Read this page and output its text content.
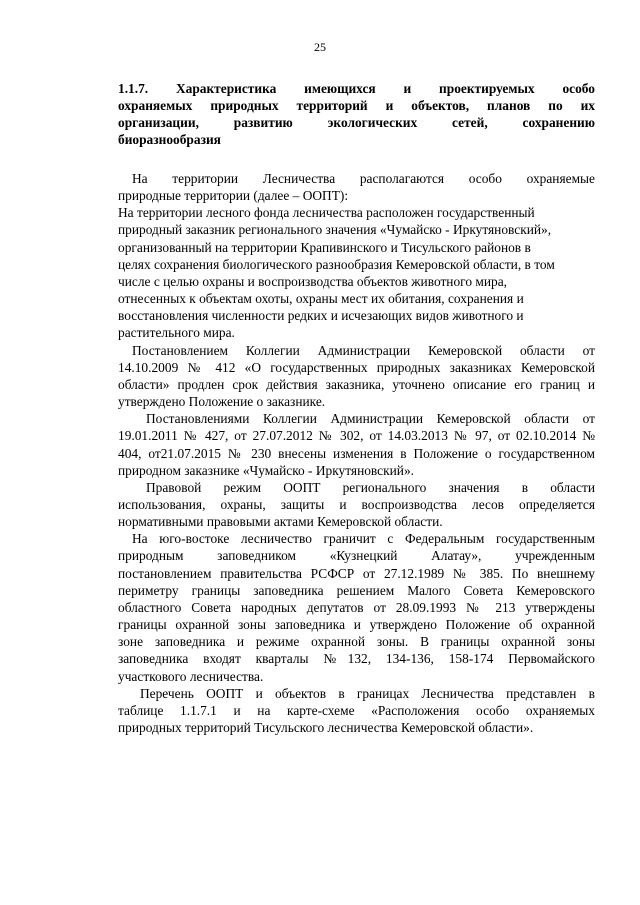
25
1.1.7. Характеристика имеющихся и проектируемых особо
охраняемых природных территорий и объектов, планов по их
организации, развитию экологических сетей, сохранению
биоразнообразия
На территории Лесничества располагаются особо охраняемые
природные территории (далее – ООПТ):
На территории лесного фонда лесничества расположен государственный
природный заказник регионального значения «Чумайско - Иркутяновский»,
организованный на территории Крапивинского и Тисульского районов в
целях сохранения биологического разнообразия Кемеровской области, в том
числе с целью охраны и воспроизводства объектов животного мира,
отнесенных к объектам охоты, охраны мест их обитания, сохранения и
восстановления численности редких и исчезающих видов животного и
растительного мира.
Постановлением Коллегии Администрации Кемеровской области от
14.10.2009 № 412 «О государственных природных заказниках Кемеровской
области» продлен срок действия заказника, уточнено описание его границ и
утверждено Положение о заказнике.
Постановлениями Коллегии Администрации Кемеровской области от
19.01.2011 № 427, от 27.07.2012 № 302, от 14.03.2013 № 97, от 02.10.2014 №
404, от21.07.2015 № 230 внесены изменения в Положение о государственном
природном заказнике «Чумайско - Иркутяновский».
Правовой режим ООПТ регионального значения в области
использования, охраны, защиты и воспроизводства лесов определяется
нормативными правовыми актами Кемеровской области.
На юго-востоке лесничество граничит с Федеральным государственным
природным заповедником «Кузнецкий Алатау», учрежденным
постановлением правительства РСФСР от 27.12.1989 № 385. По внешнему
периметру границы заповедника решением Малого Совета Кемеровского
областного Совета народных депутатов от 28.09.1993 № 213 утверждены
границы охранной зоны заповедника и утверждено Положение об охранной
зоне заповедника и режиме охранной зоны. В границы охранной зоны
заповедника входят кварталы №132, 134-136, 158-174 Первомайского
участкового лесничества.
Перечень ООПТ и объектов в границах Лесничества представлен в
таблице 1.1.7.1 и на карте-схеме «Расположения особо охраняемых
природных территорий Тисульского лесничества Кемеровской области».
